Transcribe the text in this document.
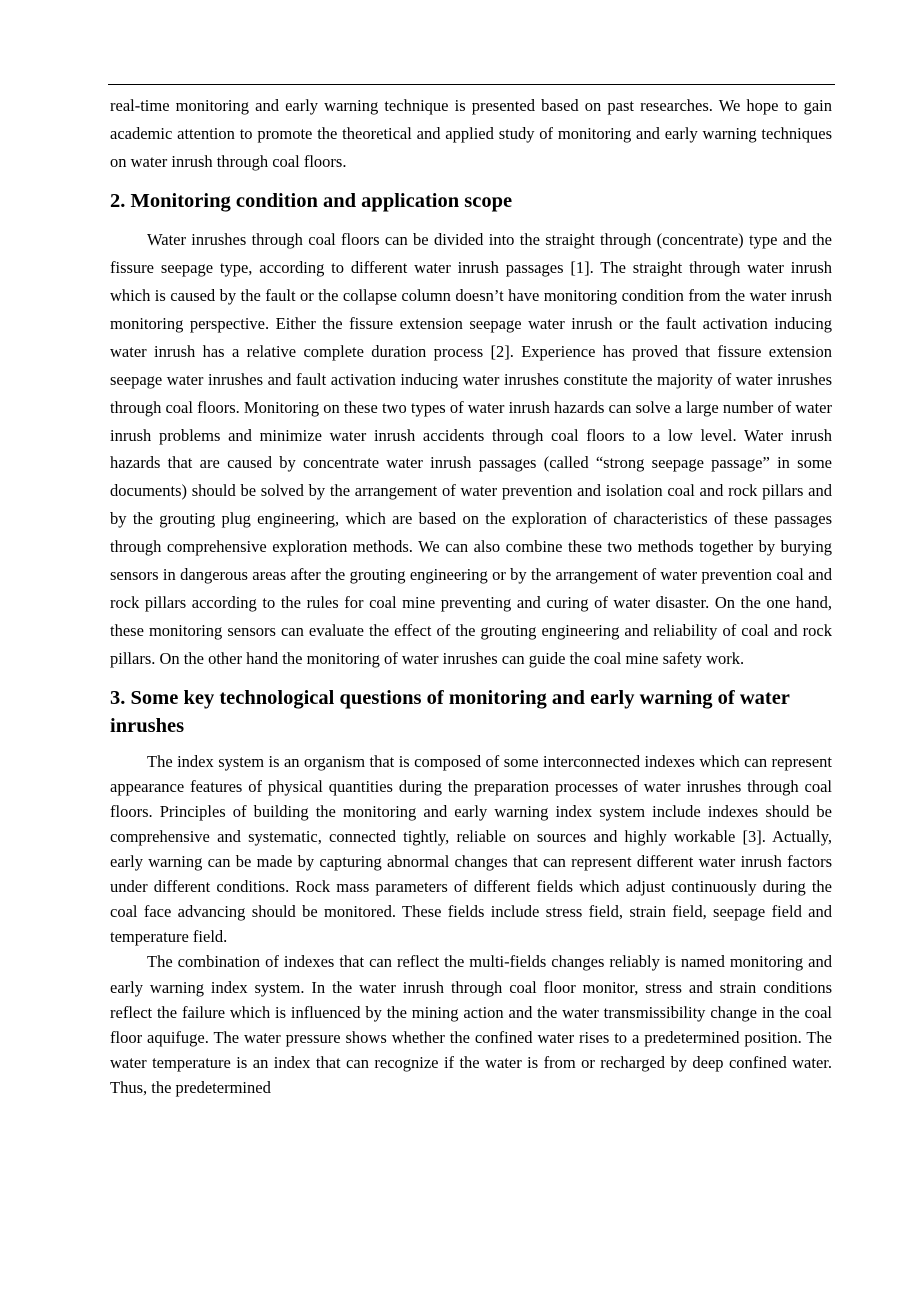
real-time monitoring and early warning technique is presented based on past researches. We hope to gain academic attention to promote the theoretical and applied study of monitoring and early warning techniques on water inrush through coal floors.

2. Monitoring condition and application scope

Water inrushes through coal floors can be divided into the straight through (concentrate) type and the fissure seepage type, according to different water inrush passages [1]. The straight through water inrush which is caused by the fault or the collapse column doesn’t have monitoring condition from the water inrush monitoring perspective. Either the fissure extension seepage water inrush or the fault activation inducing water inrush has a relative complete duration process [2]. Experience has proved that fissure extension seepage water inrushes and fault activation inducing water inrushes constitute the majority of water inrushes through coal floors. Monitoring on these two types of water inrush hazards can solve a large number of water inrush problems and minimize water inrush accidents through coal floors to a low level. Water inrush hazards that are caused by concentrate water inrush passages (called “strong seepage passage” in some documents) should be solved by the arrangement of water prevention and isolation coal and rock pillars and by the grouting plug engineering, which are based on the exploration of characteristics of these passages through comprehensive exploration methods. We can also combine these two methods together by burying sensors in dangerous areas after the grouting engineering or by the arrangement of water prevention coal and rock pillars according to the rules for coal mine preventing and curing of water disaster. On the one hand, these monitoring sensors can evaluate the effect of the grouting engineering and reliability of coal and rock pillars. On the other hand the monitoring of water inrushes can guide the coal mine safety work.

3. Some key technological questions of monitoring and early warning of water inrushes

The index system is an organism that is composed of some interconnected indexes which can represent appearance features of physical quantities during the preparation processes of water inrushes through coal floors. Principles of building the monitoring and early warning index system include indexes should be comprehensive and systematic, connected tightly, reliable on sources and highly workable [3]. Actually, early warning can be made by capturing abnormal changes that can represent different water inrush factors under different conditions. Rock mass parameters of different fields which adjust continuously during the coal face advancing should be monitored. These fields include stress field, strain field, seepage field and temperature field.

The combination of indexes that can reflect the multi-fields changes reliably is named monitoring and early warning index system. In the water inrush through coal floor monitor, stress and strain conditions reflect the failure which is influenced by the mining action and the water transmissibility change in the coal floor aquifuge. The water pressure shows whether the confined water rises to a predetermined position. The water temperature is an index that can recognize if the water is from or recharged by deep confined water. Thus, the predetermined
